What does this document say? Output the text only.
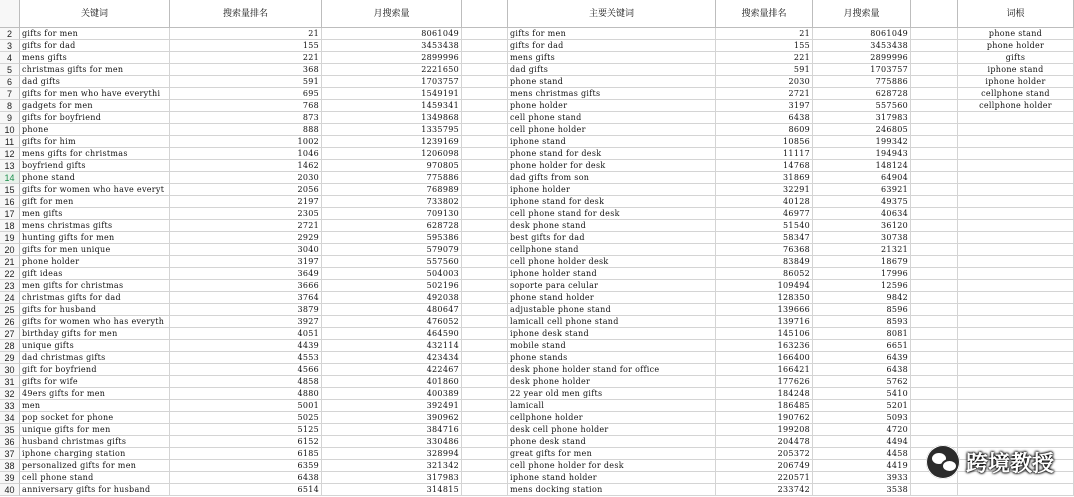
关键词	搜索量排名	月搜索量	主要关键词	搜索量排名	月搜索量	词根
2	gifts for men	21	8061049	gifts for men	21	8061049	phone stand
3	gifts for dad	155	3453438	gifts for dad	155	3453438	phone holder
4	mens gifts	221	2899996	mens gifts	221	2899996	gifts
5	christmas gifts for men	368	2221650	dad gifts	591	1703757	iphone stand
6	dad gifts	591	1703757	phone stand	2030	775886	iphone holder
7	gifts for men who have everythi	695	1549191	mens christmas gifts	2721	628728	cellphone stand
8	gadgets for men	768	1459341	phone holder	3197	557560	cellphone holder
9	gifts for boyfriend	873	1349868	cell phone stand	6438	317983
10 phone	888	1335795	cell phone holder	8609	246805
11 gifts for him	1002	1239169	iphone stand	10856	199342
12 mens gifts for christmas	1046	1206098	phone stand for desk	11117	194943
13 boyfriend gifts	1462	970805	phone holder for desk	14768	148124
14 phone stand	2030	775886	dad gifts from son	31869	64904
15 gifts for women who have everyt	2056	768989	iphone holder	32291	63921
16 gift for men	2197	733802	iphone stand for desk	40128	49375
17 men gifts	2305	709130	cell phone stand for desk	46977	40634
18 mens christmas gifts	2721	628728	desk phone stand	51540	36120
19 hunting gifts for men	2929	595386	best gifts for dad	58347	30738
20 gifts for men unique	3040	579079	cellphone stand	76368	21321
21 phone holder	3197	557560	cell phone holder desk	83849	18679
22 gift ideas	3649	504003	iphone holder stand	86052	17996
23 men gifts for christmas	3666	502196	soporte para celular	109494	12596
24 christmas gifts for dad	3764	492038	phone stand holder	128350	9842
25 gifts for husband	3879	480647	adjustable phone stand	139666	8596
26 gifts for women who has everyth	3927	476052	lamicall cell phone stand	139716	8593
27 birthday gifts for men	4051	464590	iphone desk stand	145106	8081
28 unique gifts	4439	432114	mobile stand	163236	6651
29 dad christmas gifts	4553	423434	phone stands	166400	6439
30 gift for boyfriend	4566	422467	desk phone holder stand for office	166421	6438
31 gifts for wife	4858	401860	desk phone holder	177626	5762
32 49ers gifts for men	4880	400389	22 year old men gifts	184248	5410
33 men	5001	392491	lamicall	186485	5201
34 pop socket for phone	5025	390962	cellphone holder	190762	5093
35 unique gifts for men	5125	384716	desk cell phone holder	199208	4720
36 husband christmas gifts	6152	330486	phone desk stand	204478	4494
37 iphone charging station	6185	328994	great gifts for men	205372	4458
38 personalized gifts for men	6359	321342	cell phone holder for desk	206749	4419
39 cell phone stand	6438	317983	iphone stand holder	220571	3933
40 anniversary gifts for husband	6514	314815	mens docking station	233742	3538
跨境教授
